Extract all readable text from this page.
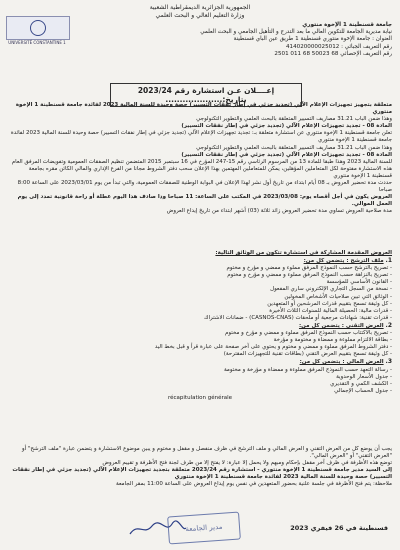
الجمهورية الجزائرية الديمقراطية الشعبية
وزارة التعليم العالي و البحث العلمي
UNIVERSITÉ CONSTANTINE 1
جامعة قسنطينة 1 الإخوة منتوري
نيابة مديرية الجامعة للتكوين العالي ما بعد التدرج و التأهيل الجامعي و البحث العلمي
العنوان : جامعة الإخوة منتوري قسنطينة 1 طريق عين الباي قسنطينة
رقم التعريف الجبائي : 414020000025012
رقم التعريف الإحصائي 68 50023 68 011 2501
إعــــلان عـن استشارة رقم 2023/24 بتاريخ:....................

متعلقة بتجهيز تجهيزات الإعلام الآلي (تجديد جزئي في إطار نفقات التسيير) حصة وحيدة للسنة المالية 2023 لفائدة جامعة قسنطينة 1 الإخوة منتوري

وهذا ضمن الباب 31.21 مصاريف التسيير المتعلقة بالبحث العلمي والتطوير التكنولوجي

المادة 08 - تجديد تجهيزات الإعلام الآلي (تجديد جزئي في إطار نفقات التسيير)

تعلن جامعة قسنطينة 1 الإخوة منتوري عن استشارة متعلقة بـ: تجديد تجهيزات الإعلام الآلي (تجديد جزئي في إطار نفقات التسيير) حصة وحيدة للسنة المالية 2023 لفائدة جامعة قسنطينة 1 الإخوة منتوري

وهذا ضمن الباب 31.21 مصاريف التسيير المتعلقة بالبحث العلمي والتطوير التكنولوجي

المادة 08 - تجديد تجهيزات الإعلام الآلي (تجديد جزئي في إطار نفقات التسيير)

للسنة المالية 2023 وهذا طبقا للمادة 13 من المرسوم الرئاسي رقم 15-247 المؤرخ في 16 سبتمبر 2015 المتضمن تنظيم الصفقات العمومية وتفويضات المرفق العام

هذه الاستشارة مفتوحة لكل المتعاملين المؤهلين، يمكن للمتعاملين المهتمين بهذا الإعلان سحب دفتر الشروط مجانا من الفرع الإداري والمالي الكائن مقره بجامعة قسنطينة 1 الإخوة منتوري

حددت مدة تحضير العروض بـ 08 أيام ابتداء من تاريخ أول نشر لهذا الإعلان في البوابة الوطنية للصفقات العمومية، والتي تبدأ من يوم 2023/03/01 على الساعة 8:00 صباحا

العروض يكون في أجل أقصاه يوم: 2023/03/08 في المكتب على الساعة: 11 صباحا وذا صادف هذا اليوم عطلة أو راحة قانونية تمدد إلى يوم العمل الموالي.

مدة صلاحية العروض تساوي مدة تحضير العروض زائد ثلاثة (03) أشهر ابتداء من تاريخ إيداع العروض

العروض المقدمة المشاركة في استشارة تتكون من الوثائق التالية:

1. ملف الترشح : يتضمن كل من:

- تصريح بالترشح حسب النموذج المرفق مملوء و ممضي و مؤرخ و مختوم

- تصريح بالنزاهة حسب النموذج المرفق مملوء و ممضي و مؤرخ و مختوم

- القانون الأساسي للمؤسسة

- نسخة من السجل التجاري الإلكتروني ساري المفعول

- الوثائق التي تبين صلاحيات الأشخاص المخولين

- كل وثيقة تسمح بتقييم قدرات المرشحين أو المتعهدين

- قدرات مالية: الحصيلة المالية للسنوات الثلاث الأخيرة

- قدرات تقنية: شهادات مرجعية أو ملحقات (CASNOS-CNAS) - ضمانات الاشتراك

2. العرض التقني : يتضمن كل من:

- تصريح بالاكتتاب حسب النموذج المرفق مملوء و ممضي و مؤرخ و مختوم

- بطاقة الالتزام مملوءة و ممضاة و مختومة و مؤرخة

- دفتر الشروط المرفق مملوء و ممضي و مختوم و يحتوي على آخر صفحة على عبارة قرأ و قبل بخط اليد

- كل وثيقة تسمح بتقييم العرض التقني (بطاقات تقنية للتجهيزات المقترحة)

3. العرض المالي : يتضمن كل من:

- رسالة التعهد حسب النموذج المرفق مملوءة و ممضاة و مؤرخة و مختومة

- جدول الأسعار الوحدوية

- الكشف الكمي و التقديري

- جدول الحساب الإجمالي

récapitulation générale

يجب أن يوضع كل من العرض التقني و العرض المالي و ملف الترشح في ظرف منفصل و مقفل و مختوم و يبين موضوع الاستشارة و يتضمن عبارة "ملف الترشح" أو "العرض التقني" أو "العرض المالي".

توضع هذه الأظرفة في ظرف آخر مقفل بإحكام ومبهم ولا يحمل إلا عبارة: لا يفتح إلا من طرف لجنة فتح الأظرفة و تقييم العروض

إلى السيد مدير جامعة قسنطينة 1 الإخوة منتوري - استشارة رقم 2023/24 متعلقة بتجديد تجهيزات الإعلام الآلي (تجديد جزئي في إطار نفقات التسيير) حصة وحيدة للسنة المالية 2023 لفائدة جامعة قسنطينة 1 الإخوة منتوري

ملاحظة: يتم فتح الأظرفة في جلسة علنية بحضور المتعهدين في نفس يوم إيداع العروض على الساعة 11:00 بمقر الجامعة

قسنطينة في 26 فيفري 2023
مدير الجامعة
